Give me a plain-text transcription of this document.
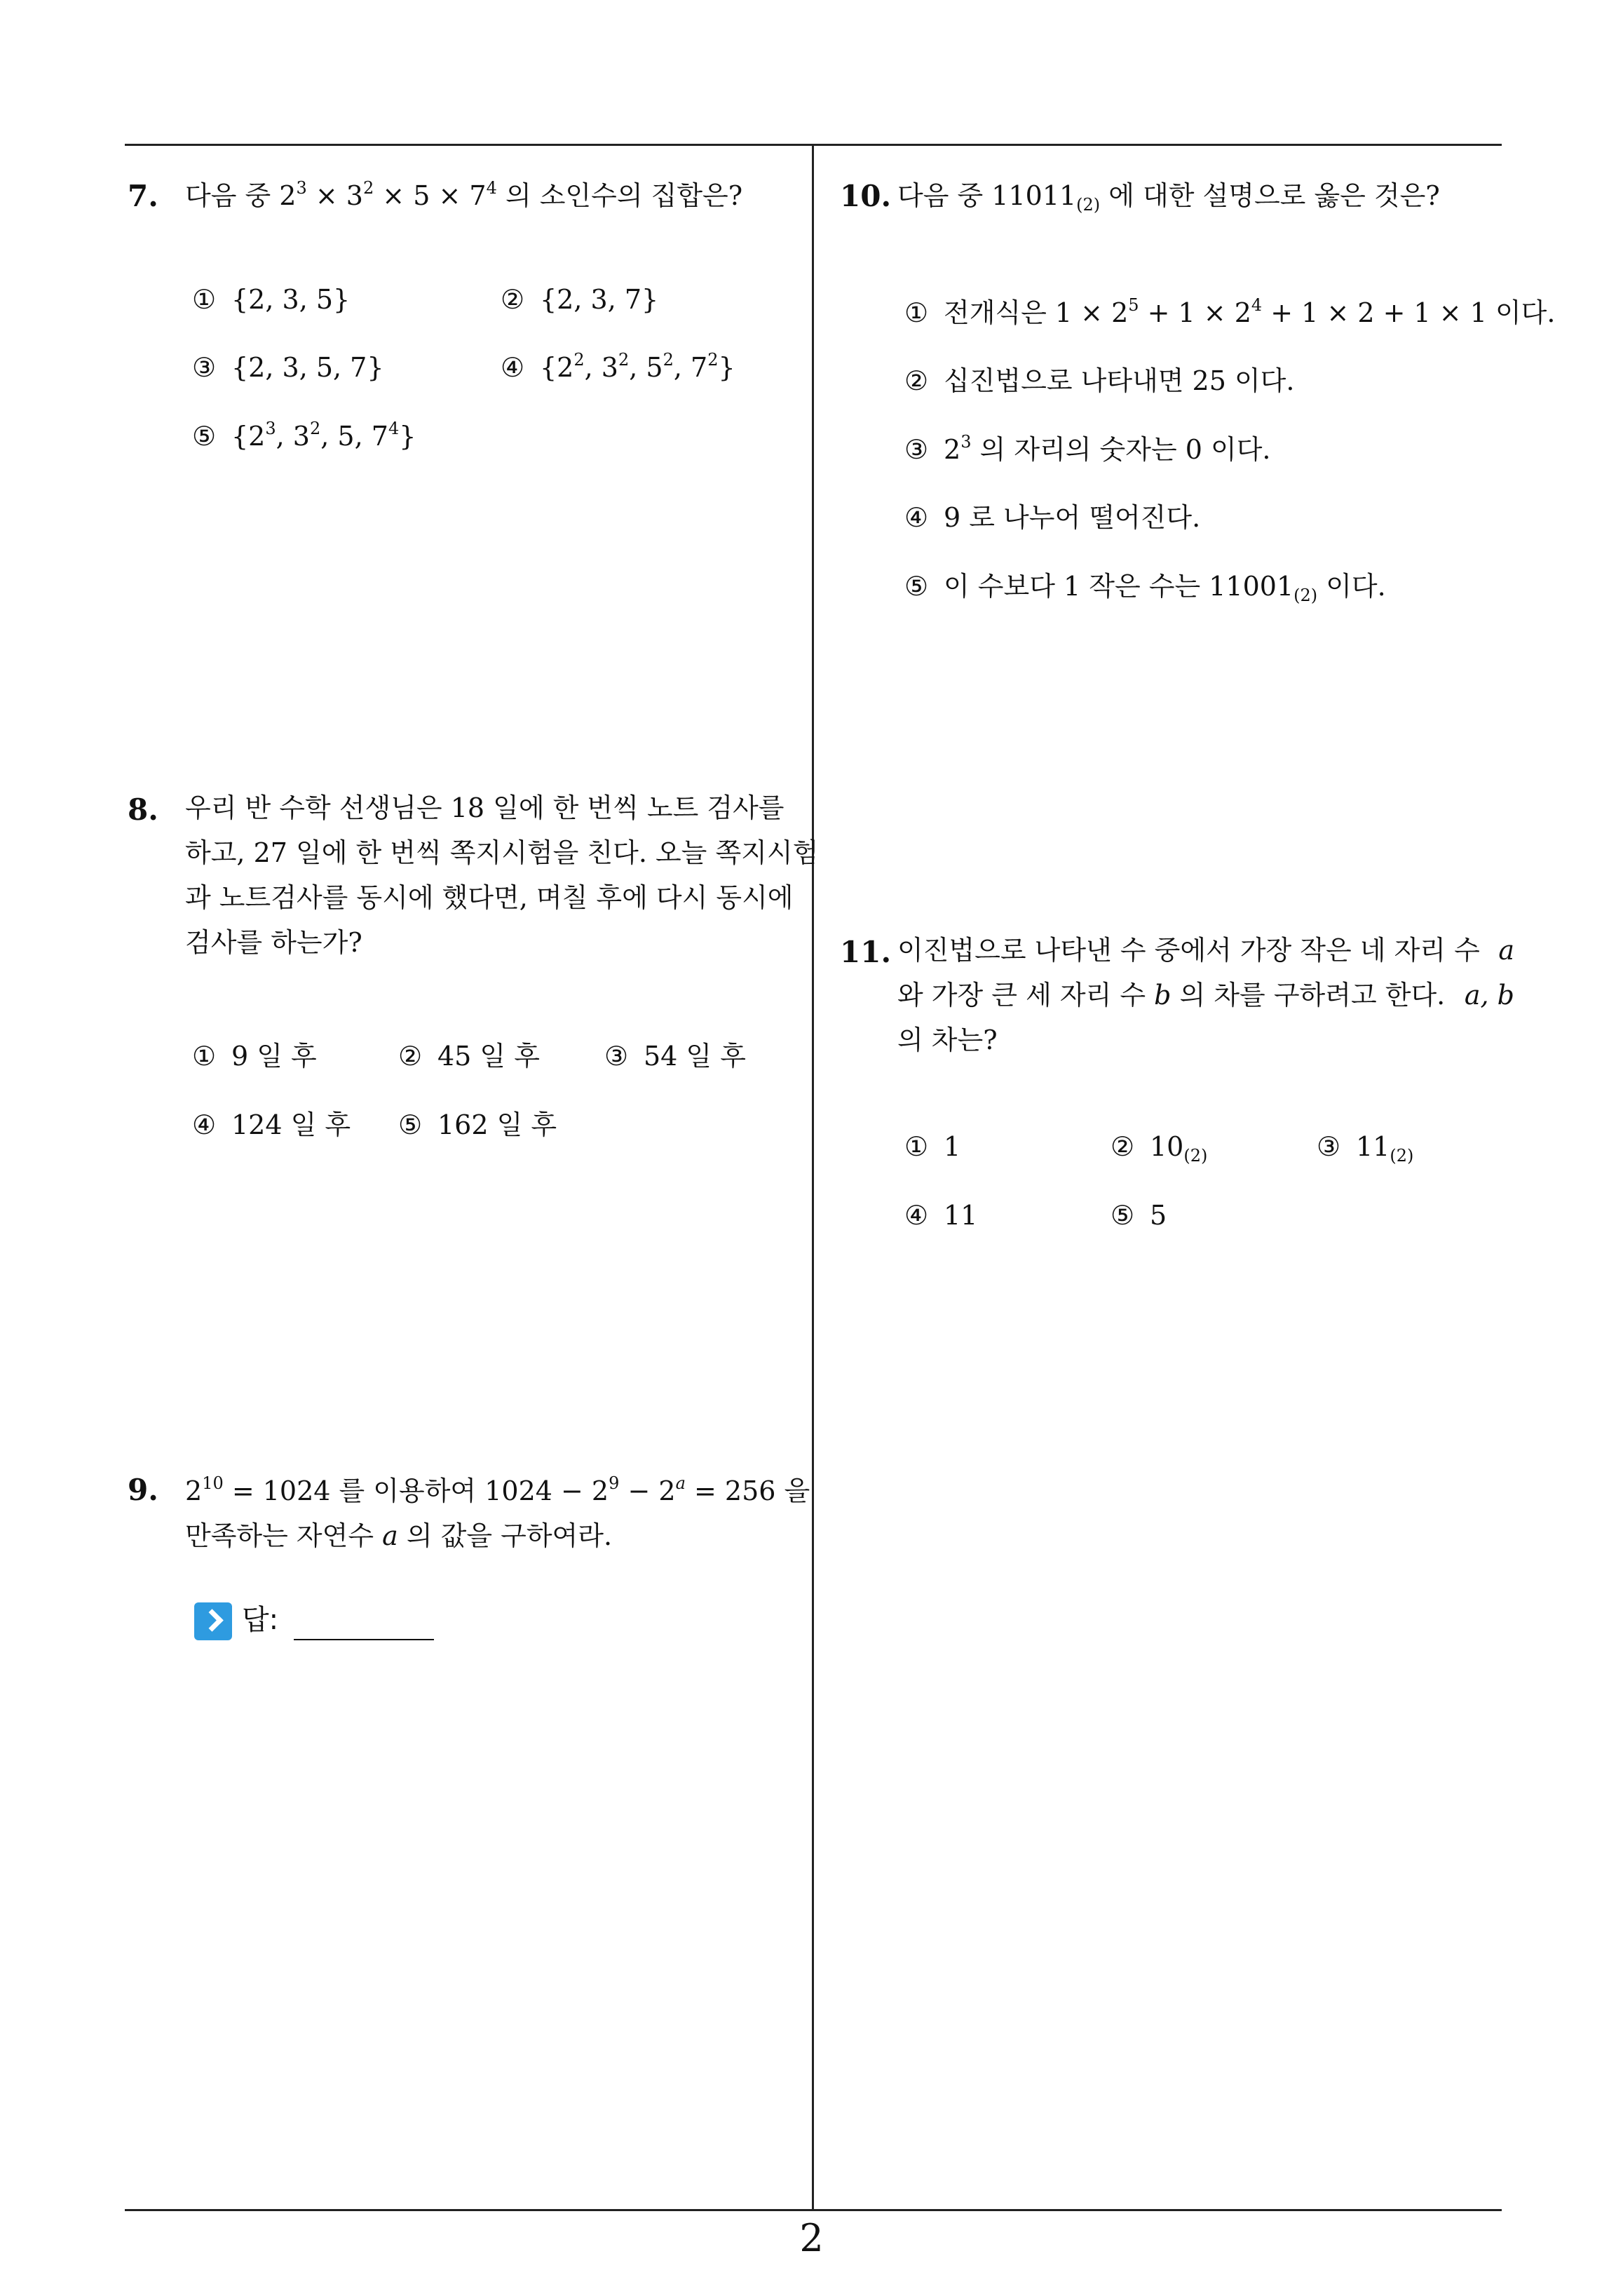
7. 다음 중 $2^3 \times 3^2 \times 5 \times 7^4$ 의 소인수의 집합은?
① {2, 3, 5}	② {2, 3, 7}
③ {2, 3, 5, 7}	④ {$2^2$, $3^2$, $5^2$, $7^2$}
⑤ {$2^3$, $3^2$, 5, $7^4$}
8. 우리 반 수학 선생님은 18 일에 한 번씩 노트 검사를
하고, 27 일에 한 번씩 쪽지시험을 친다. 오늘 쪽지시험
과 노트검사를 동시에 했다면, 며칠 후에 다시 동시에
검사를 하는가?
① 9 일 후	② 45 일 후 ③ 54 일 후
④ 124 일 후 ⑤ 162 일 후
9. $2^{10} = 1024$ 를 이용하여 $1024 - 2^9 - 2^a = 256$ 을
만족하는 자연수 a 의 값을 구하여라.
답:
10. 다음 중 $11011_{(2)}$ 에 대한 설명으로 옳은 것은?
① 전개식은 $1 \times 2^5 + 1 \times 2^4 + 1 \times 2 + 1 \times 1$ 이다.
② 십진법으로 나타내면 25 이다.
③ $2^3$ 의 자리의 숫자는 0 이다.
④ 9 로 나누어 떨어진다.
⑤ 이 수보다 1 작은 수는 $11001_{(2)}$ 이다.
11. 이진법으로 나타낸 수 중에서 가장 작은 네 자리 수 a
와 가장 큰 세 자리 수 b 의 차를 구하려고 한다. a, b
의 차는?
① 1	② $10_{(2)}$	③ $11_{(2)}$
④ 11	⑤ 5
2
